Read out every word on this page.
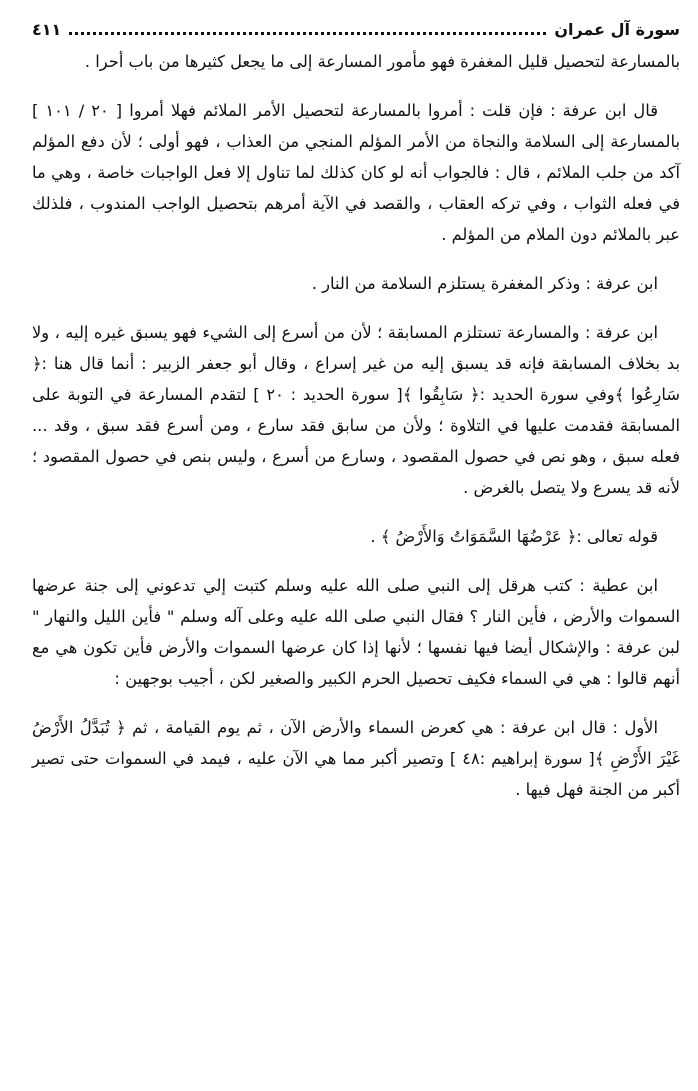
سورة آل عمران
٤١١

بالمسارعة لتحصيل قليل المغفرة فهو مأمور المسارعة إلى ما يجعل كثيرها من باب أحرا .

قال ابن عرفة : فإن قلت : أمروا بالمسارعة لتحصيل الأمر الملائم فهلا أمروا [ ٢٠ / ١٠١ ] بالمسارعة إلى السلامة والنجاة من الأمر المؤلم المنجي من العذاب ، فهو أولى ؛ لأن دفع المؤلم آكد من جلب الملائم ، قال : فالجواب أنه لو كان كذلك لما تناول إلا فعل الواجبات خاصة ، وهي ما في فعله الثواب ، وفي تركه العقاب ، والقصد في الآية أمرهم بتحصيل الواجب المندوب ، فلذلك عبر بالملائم دون الملام من المؤلم .

ابن عرفة : وذكر المغفرة يستلزم السلامة من النار .

ابن عرفة : والمسارعة تستلزم المسابقة ؛ لأن من أسرع إلى الشيء فهو يسبق غيره إليه ، ولا بد بخلاف المسابقة فإنه قد يسبق إليه من غير إسراع ، وقال أبو جعفر الزبير : أنما قال هنا :﴿ سَارِعُوا ﴾وفي سورة الحديد :﴿ سَابِقُوا ﴾[ سورة الحديد : ٢٠ ] لتقدم المسارعة في التوبة على المسابقة فقدمت عليها في التلاوة ؛ ولأن من سابق فقد سارع ، ومن أسرع فقد سبق ، وقد ... فعله سبق ، وهو نص في حصول المقصود ، وسارع من أسرع ، وليس بنص في حصول المقصود ؛ لأنه قد يسرع ولا يتصل بالغرض .

قوله تعالى :﴿ عَرْضُهَا السَّمَوَاتُ وَالأَرْضُ ﴾ .

ابن عطية : كتب هرقل إلى النبي صلى الله عليه وسلم كتبت إلي تدعوني إلى جنة عرضها السموات والأرض ، فأين النار ؟ فقال النبي صلى الله عليه وعلى آله وسلم " فأين الليل والنهار " لبن عرفة : والإشكال أيضا فيها نفسها ؛ لأنها إذا كان عرضها السموات والأرض فأين تكون هي مع أنهم قالوا : هي في السماء فكيف تحصيل الحرم الكبير والصغير لكن ، أجيب بوجهين :

الأول : قال ابن عرفة : هي كعرض السماء والأرض الآن ، ثم يوم القيامة ، ثم ﴿ تُبَدَّلُ الأَرْضُ غَيْرَ الأَرْضِ ﴾[ سورة إبراهيم :٤٨ ] وتصير أكبر مما هي الآن عليه ، فيمد في السموات حتى تصير أكبر من الجنة فهل فيها .
